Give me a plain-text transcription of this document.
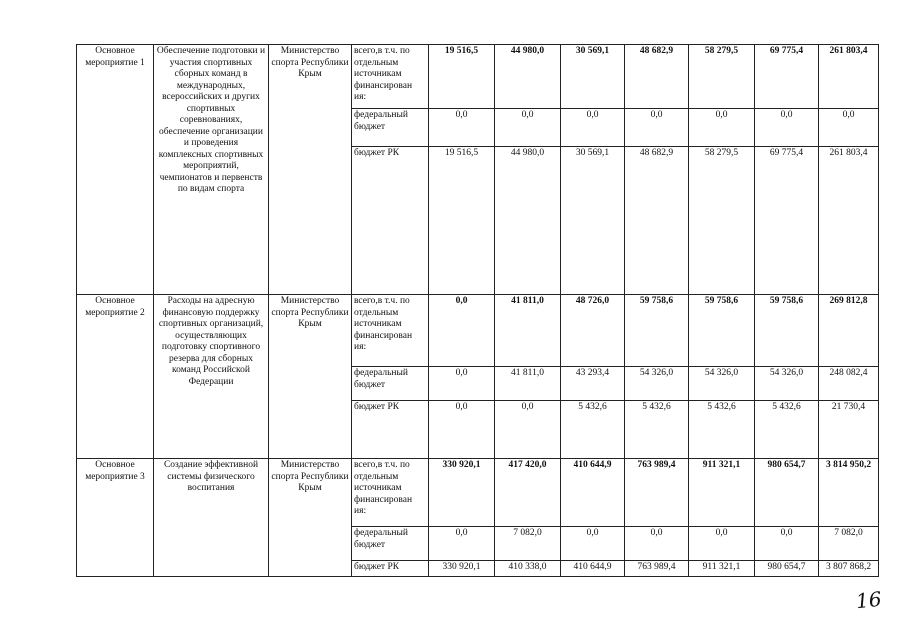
Основное мероприятие 1	Обеспечение подготовки и участия спортивных сборных команд в международных, всероссийских и других спортивных соревнованиях, обеспечение организации и проведения комплексных спортивных мероприятий, чемпионатов и первенств по видам спорта	Министерство спорта Республики Крым	всего,в т.ч. по отдельным источникам финансирован ия:	19 516,5	44 980,0	30 569,1	48 682,9	58 279,5	69 775,4	261 803,4
			федеральный бюджет	0,0	0,0	0,0	0,0	0,0	0,0	0,0
			бюджет РК	19 516,5	44 980,0	30 569,1	48 682,9	58 279,5	69 775,4	261 803,4
Основное мероприятие 2	Расходы на адресную финансовую поддержку спортивных организаций, осуществляющих подготовку спортивного резерва для сборных команд Российской Федерации	Министерство спорта Республики Крым	всего,в т.ч. по отдельным источникам финансирован ия:	0,0	41 811,0	48 726,0	59 758,6	59 758,6	59 758,6	269 812,8
			федеральный бюджет	0,0	41 811,0	43 293,4	54 326,0	54 326,0	54 326,0	248 082,4
			бюджет РК	0,0	0,0	5 432,6	5 432,6	5 432,6	5 432,6	21 730,4
Основное мероприятие 3	Создание эффективной системы физического воспитания	Министерство спорта Республики Крым	всего,в т.ч. по отдельным источникам финансирован ия:	330 920,1	417 420,0	410 644,9	763 989,4	911 321,1	980 654,7	3 814 950,2
			федеральный бюджет	0,0	7 082,0	0,0	0,0	0,0	0,0	7 082,0
			бюджет РК	330 920,1	410 338,0	410 644,9	763 989,4	911 321,1	980 654,7	3 807 868,2
16
